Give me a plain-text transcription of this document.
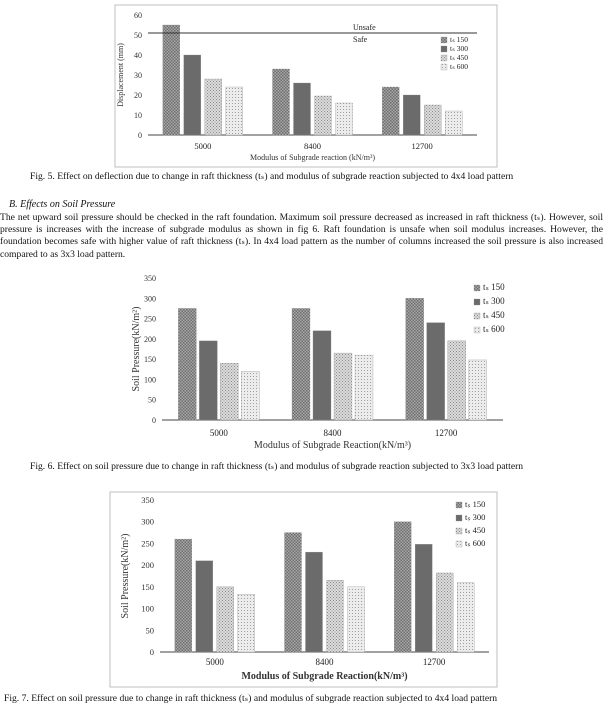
0
10
20
30
40
50
60
5000	8400	12700
Unsafe
Safe	tₛ 150
tₛ 300
tₛ 450
tₛ 600
Modulus of Subgrade reaction (kN/m³)
Displacement (mm)
Fig. 5. Effect on deflection due to change in raft thickness (tₛ) and modulus of subgrade reaction subjected to 4x4 load pattern
B. Effects on Soil Pressure

The net upward soil pressure should be checked in the raft foundation. Maximum soil pressure decreased as increased in raft thickness (tₛ). However, soil pressure is increases with the increase of subgrade modulus as shown in fig 6. Raft foundation is unsafe when soil modulus increases. However, the foundation becomes safe with higher value of raft thickness (tₛ). In 4x4 load pattern as the number of columns increased the soil pressure is also increased compared to as 3x3 load pattern.

0
50
100
150
200
250
300
350
5000	8400	12700
tₛ 150
tₛ 300
tₛ 450
tₛ 600
Modulus of Subgrade Reaction(kN/m³)
Soil Pressure(kN/m²)
Fig. 6. Effect on soil pressure due to change in raft thickness (tₛ) and modulus of subgrade reaction subjected to 3x3 load pattern
0
50
100
150
200
250
300
350
5000	8400	12700
tₛ 150
tₛ 300
tₛ 450
tₛ 600
Modulus of Subgrade Reaction(kN/m³)
Soil Pressure(kN/m²)
Fig. 7. Effect on soil pressure due to change in raft thickness (tₛ) and modulus of subgrade reaction subjected to 4x4 load pattern
